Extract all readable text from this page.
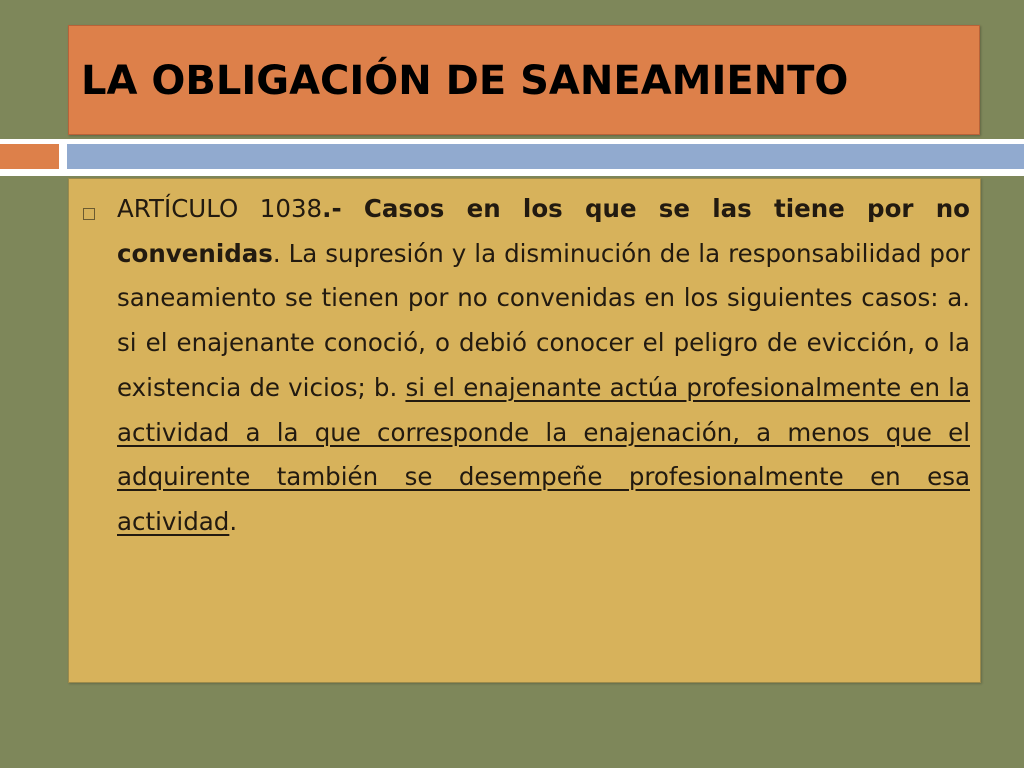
LA OBLIGACIÓN DE SANEAMIENTO

ARTÍCULO 1038.- Casos en los que se las tiene por no convenidas. La supresión y la disminución de la responsabilidad por saneamiento se tienen por no convenidas en los siguientes casos: a. si el enajenante conoció, o debió conocer el peligro de evicción, o la existencia de vicios; b. si el enajenante actúa profesionalmente en la actividad a la que corresponde la enajenación, a menos que el adquirente también se desempeñe profesionalmente en esa actividad.
